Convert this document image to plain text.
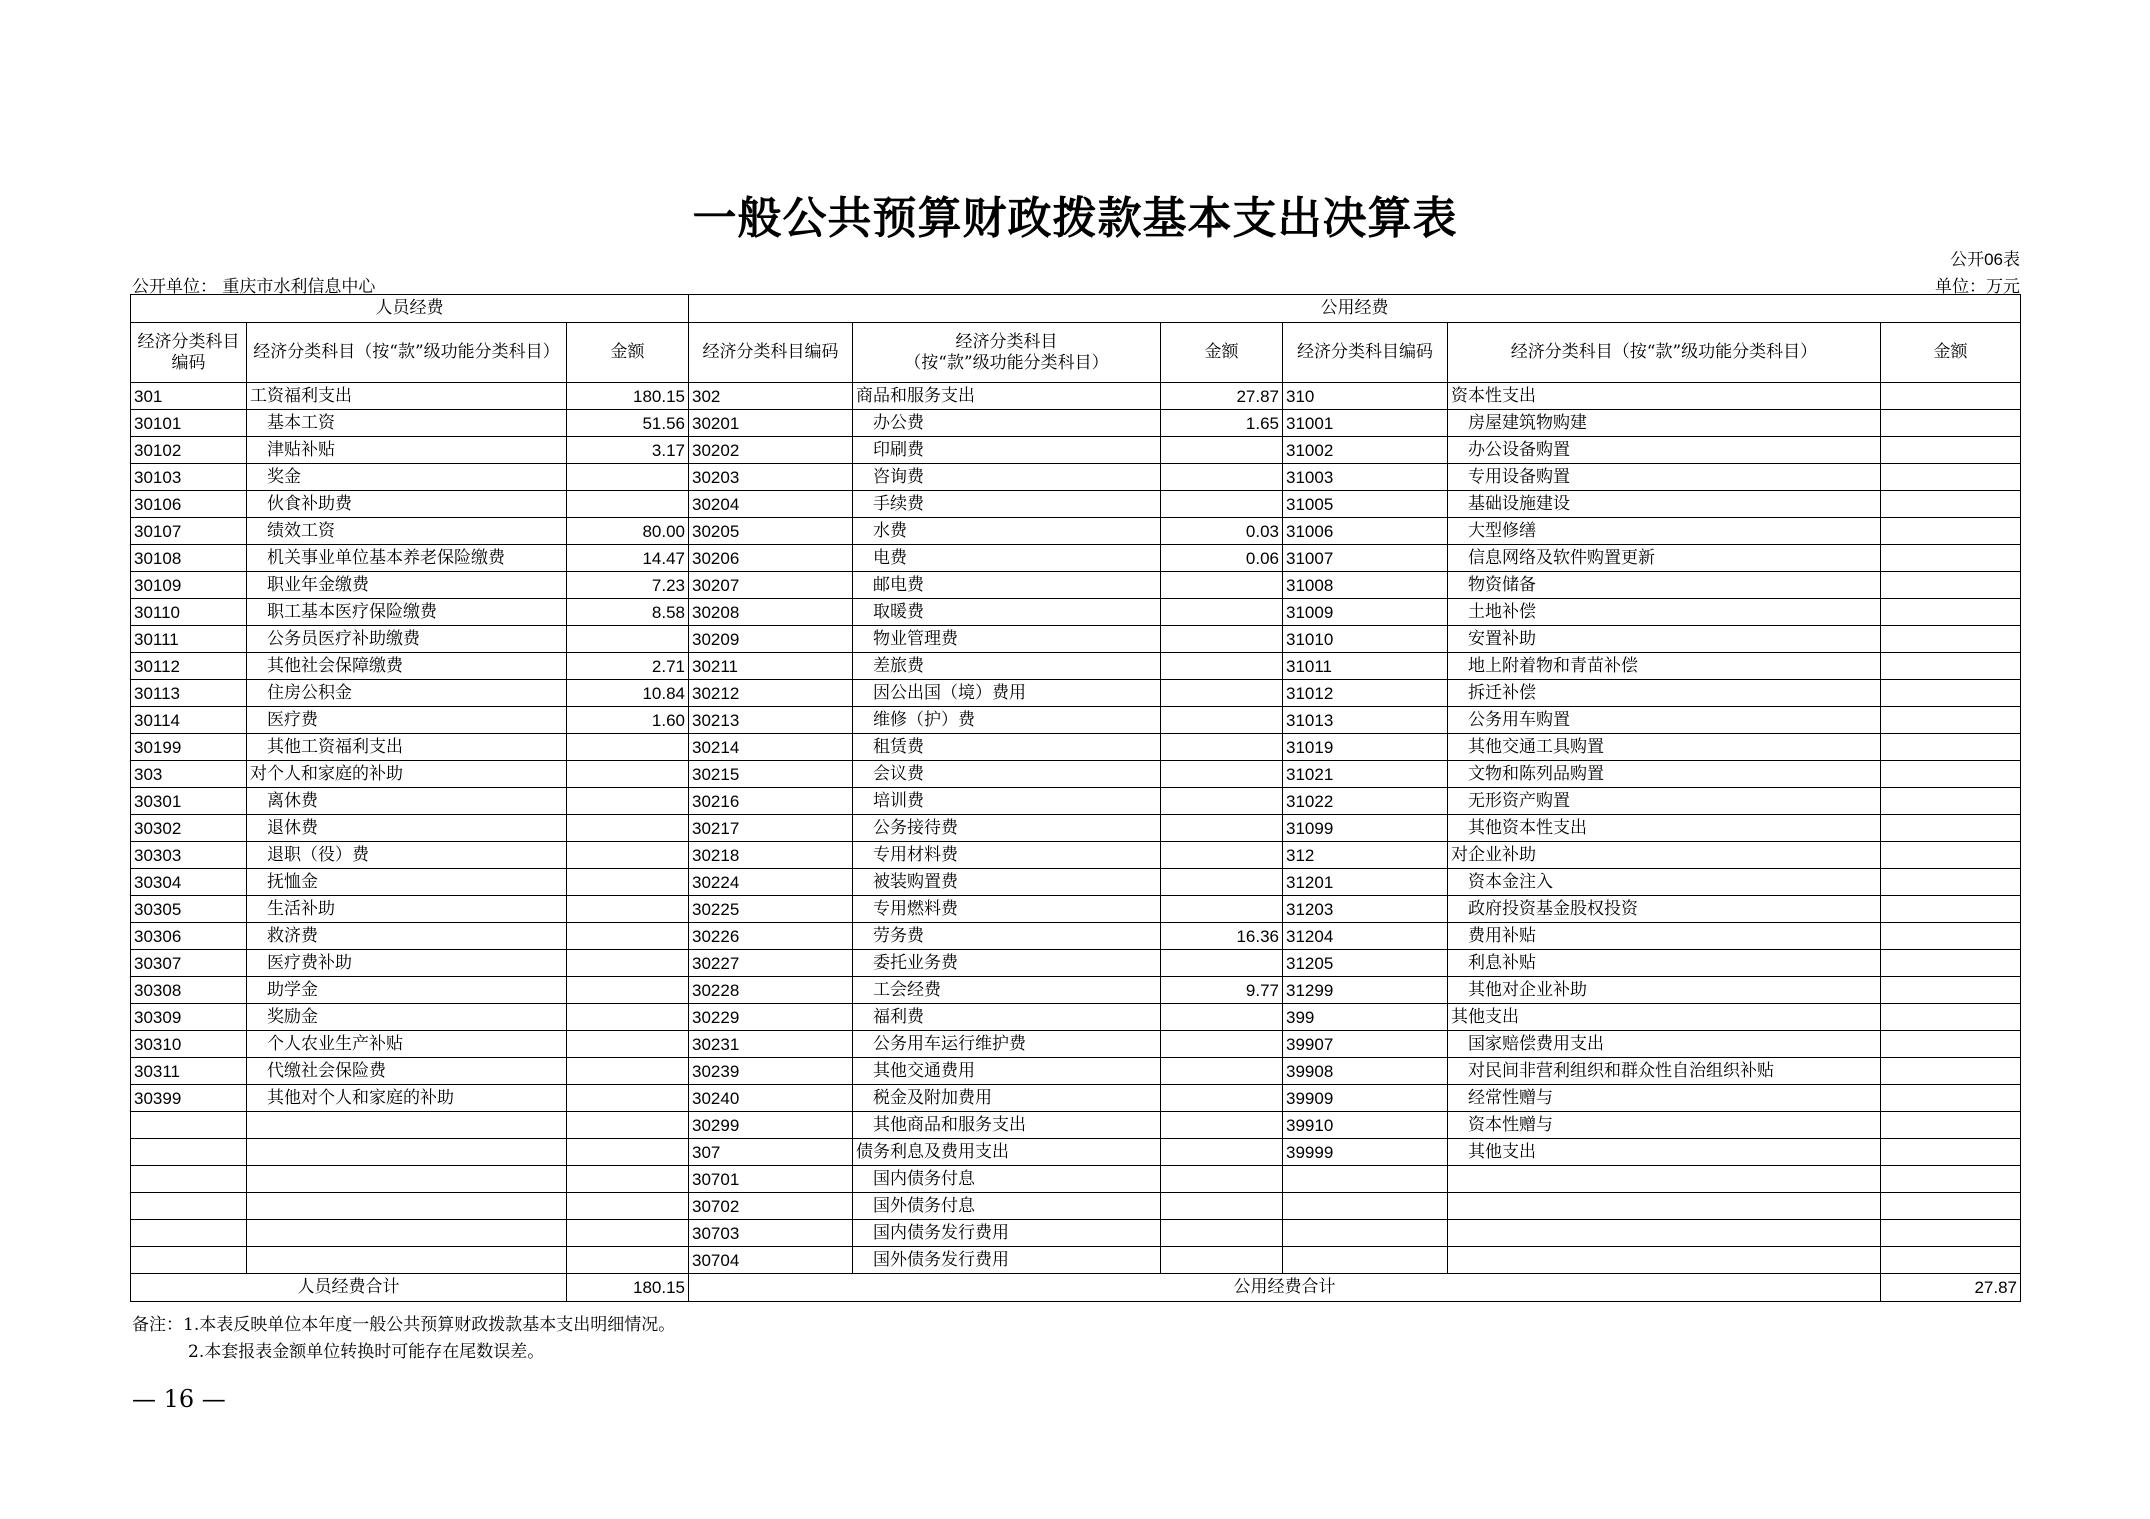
一般公共预算财政拨款基本支出决算表
公开06表
公开单位： 重庆市水利信息中心	单位：万元
人员经费			公用经费					
经济分类科目编码	经济分类科目（按“款”级功能分类科目）	金额	经济分类科目编码	经济分类科目
（按“款”级功能分类科目）	金额	经济分类科目编码	经济分类科目（按“款”级功能分类科目）	金额
301	工资福利支出	180.15	302	商品和服务支出	27.87	310	资本性支出	
30101	基本工资	51.56	30201	办公费	1.65	31001	房屋建筑物购建	
30102	津贴补贴	3.17	30202	印刷费		31002	办公设备购置	
30103	奖金		30203	咨询费		31003	专用设备购置	
30106	伙食补助费		30204	手续费		31005	基础设施建设	
30107	绩效工资	80.00	30205	水费	0.03	31006	大型修缮	
30108	机关事业单位基本养老保险缴费	14.47	30206	电费	0.06	31007	信息网络及软件购置更新	
30109	职业年金缴费	7.23	30207	邮电费		31008	物资储备	
30110	职工基本医疗保险缴费	8.58	30208	取暖费		31009	土地补偿	
30111	公务员医疗补助缴费		30209	物业管理费		31010	安置补助	
30112	其他社会保障缴费	2.71	30211	差旅费		31011	地上附着物和青苗补偿	
30113	住房公积金	10.84	30212	因公出国（境）费用		31012	拆迁补偿	
30114	医疗费	1.60	30213	维修（护）费		31013	公务用车购置	
30199	其他工资福利支出		30214	租赁费		31019	其他交通工具购置	
303	对个人和家庭的补助		30215	会议费		31021	文物和陈列品购置	
30301	离休费		30216	培训费		31022	无形资产购置	
30302	退休费		30217	公务接待费		31099	其他资本性支出	
30303	退职（役）费		30218	专用材料费		312	对企业补助	
30304	抚恤金		30224	被装购置费		31201	资本金注入	
30305	生活补助		30225	专用燃料费		31203	政府投资基金股权投资	
30306	救济费		30226	劳务费	16.36	31204	费用补贴	
30307	医疗费补助		30227	委托业务费		31205	利息补贴	
30308	助学金		30228	工会经费	9.77	31299	其他对企业补助	
30309	奖励金		30229	福利费		399	其他支出	
30310	个人农业生产补贴		30231	公务用车运行维护费		39907	国家赔偿费用支出	
30311	代缴社会保险费		30239	其他交通费用		39908	对民间非营利组织和群众性自治组织补贴	
30399	其他对个人和家庭的补助		30240	税金及附加费用		39909	经常性赠与	
			30299	其他商品和服务支出		39910	资本性赠与	
			307	债务利息及费用支出		39999	其他支出	
			30701	国内债务付息				
			30702	国外债务付息				
			30703	国内债务发行费用				
			30704	国外债务发行费用				
人员经费合计		180.15	公用经费合计					27.87
备注：1.本表反映单位本年度一般公共预算财政拨款基本支出明细情况。
2.本套报表金额单位转换时可能存在尾数误差。
— 16 —
